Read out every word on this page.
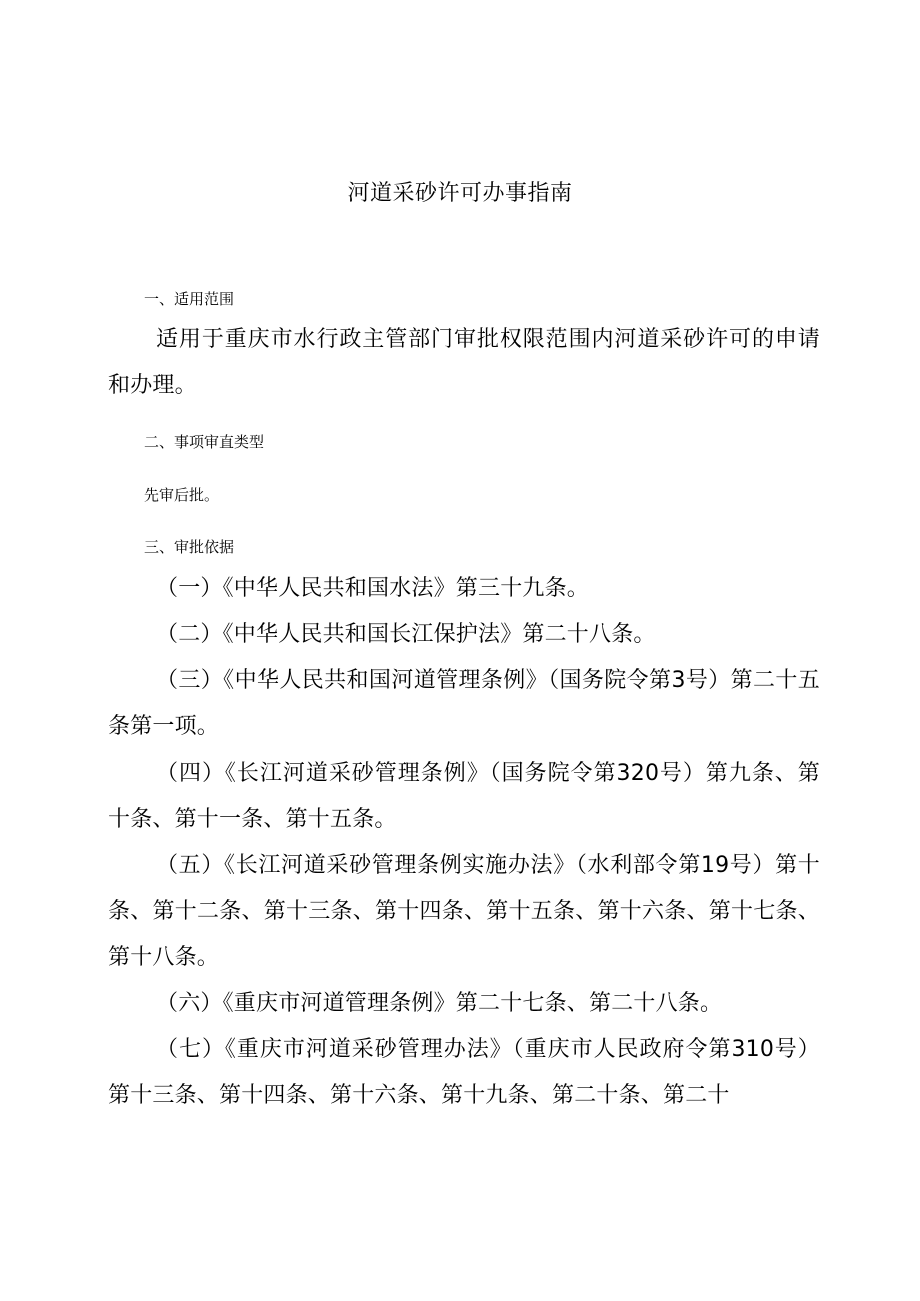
河道采砂许可办事指南
一、适用范围
适用于重庆市水行政主管部门审批权限范围内河道采砂许可的申请和办理。
二、事项审直类型
先审后批。
三、审批依据
（一）《中华人民共和国水法》第三十九条。
（二）《中华人民共和国长江保护法》第二十八条。
（三）《中华人民共和国河道管理条例》（国务院令第3号）第二十五条第一项。
（四）《长江河道采砂管理条例》（国务院令第320号）第九条、第十条、第十一条、第十五条。
（五）《长江河道采砂管理条例实施办法》（水利部令第19号）第十条、第十二条、第十三条、第十四条、第十五条、第十六条、第十七条、第十八条。
（六）《重庆市河道管理条例》第二十七条、第二十八条。
（七）《重庆市河道采砂管理办法》（重庆市人民政府令第310号）第十三条、第十四条、第十六条、第十九条、第二十条、第二十
